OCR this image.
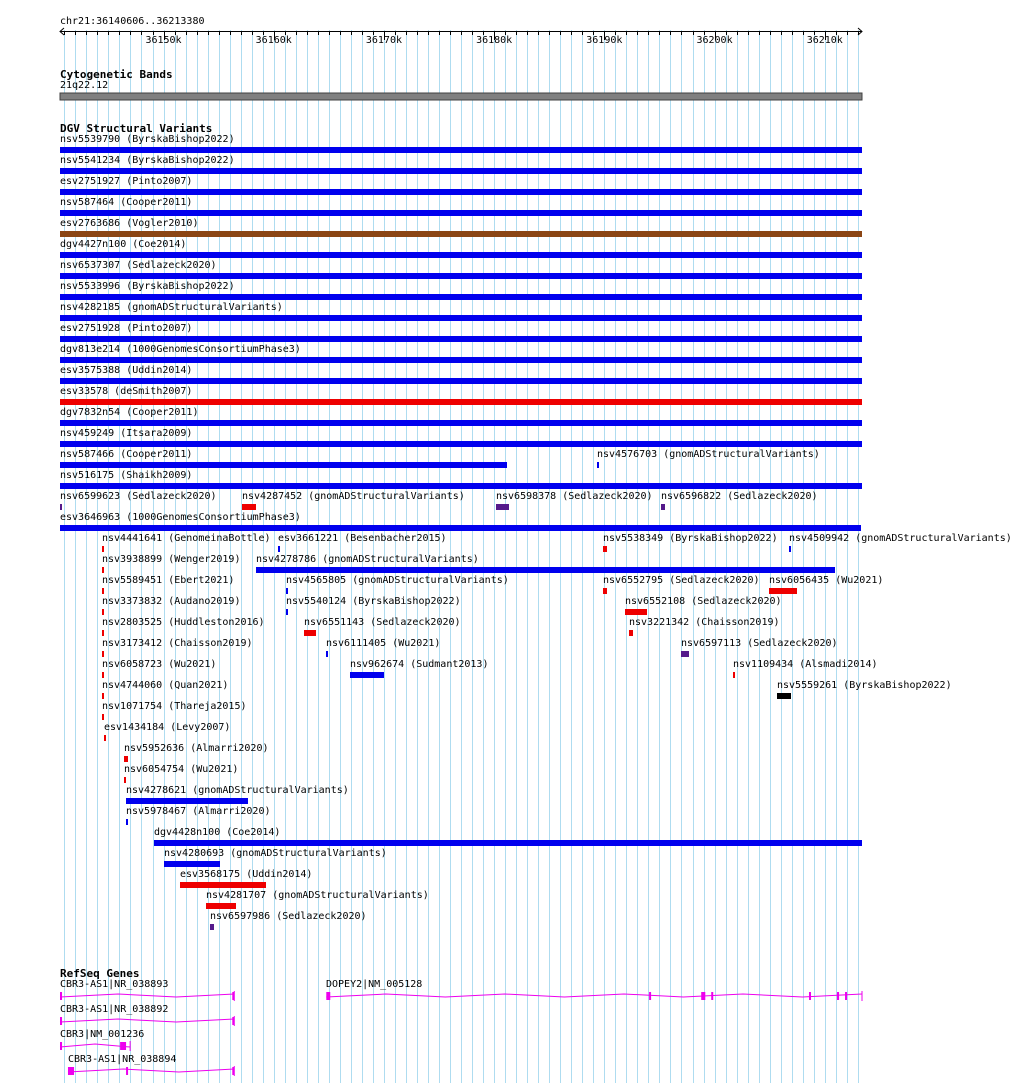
chr21:36140606..36213380
Cytogenetic Bands
21q22.12
DGV Structural Variants
RefSeq Genes
36150k	36160k	36170k	36180k	36190k	36200k	36210k
nsv5539790 (ByrskaBishop2022)
nsv5541234 (ByrskaBishop2022)
esv2751927 (Pinto2007)
nsv587464 (Cooper2011)
esv2763686 (Vogler2010)
dgv4427n100 (Coe2014)
nsv6537307 (Sedlazeck2020)
nsv5533996 (ByrskaBishop2022)
nsv4282185 (gnomADStructuralVariants)
esv2751928 (Pinto2007)
dgv813e214 (1000GenomesConsortiumPhase3)
esv3575388 (Uddin2014)
esv33578 (deSmith2007)
dgv7832n54 (Cooper2011)
nsv459249 (Itsara2009)
nsv587466 (Cooper2011)	nsv4576703 (gnomADStructuralVariants)
nsv516175 (Shaikh2009)
nsv6599623 (Sedlazeck2020)	nsv4287452 (gnomADStructuralVariants)	nsv6598378 (Sedlazeck2020) nsv6596822 (Sedlazeck2020)
esv3646963 (1000GenomesConsortiumPhase3)
nsv4441641 (GenomeinaBottle) esv3661221 (Besenbacher2015)	nsv5538349 (ByrskaBishop2022) nsv4509942 (gnomADStructuralVariants)
nsv3938899 (Wenger2019) nsv4278786 (gnomADStructuralVariants)
nsv5589451 (Ebert2021)	nsv4565805 (gnomADStructuralVariants)	nsv6552795 (Sedlazeck2020) nsv6056435 (Wu2021)
nsv3373832 (Audano2019)	nsv5540124 (ByrskaBishop2022)	nsv6552108 (Sedlazeck2020)
nsv2803525 (Huddleston2016)	nsv6551143 (Sedlazeck2020)	nsv3221342 (Chaisson2019)
nsv3173412 (Chaisson2019)	nsv6111405 (Wu2021)	nsv6597113 (Sedlazeck2020)
nsv6058723 (Wu2021)	nsv962674 (Sudmant2013)	nsv1109434 (Alsmadi2014)
nsv4744060 (Quan2021)	nsv5559261 (ByrskaBishop2022)
nsv1071754 (Thareja2015)
esv1434184 (Levy2007)
nsv5952636 (Almarri2020)
nsv6054754 (Wu2021)
nsv4278621 (gnomADStructuralVariants)
nsv5978467 (Almarri2020)
dgv4428n100 (Coe2014)
nsv4280693 (gnomADStructuralVariants)
esv3568175 (Uddin2014)
nsv4281707 (gnomADStructuralVariants)
nsv6597986 (Sedlazeck2020)
CBR3-AS1|NR_038893	DOPEY2|NM_005128
CBR3-AS1|NR_038892
CBR3|NM_001236
CBR3-AS1|NR_038894
